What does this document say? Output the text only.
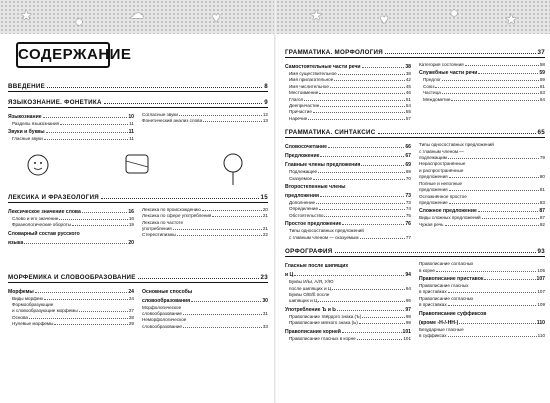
★	●	☁	♥	★	♥	●	★
СОДЕРЖАНИЕ
ВВЕДЕНИЕ	8
ЯЗЫКОЗНАНИЕ. ФОНЕТИКА	9
Языкознание	10
Разделы языкознания	11
Звуки и буквы	11
Гласные звуки	11
Согласные звуки	12
Фонетический анализ слова	13
ЛЕКСИКА И ФРАЗЕОЛОГИЯ	15
Лексическое значение слова	16
Слово и его значение	16
Фразеологические обороты	19
Словарный состав русского
языка	20
Лексика по происхождению	20
Лексика по сфере употребления	21
Лексика по частоте
употребления	21
Стереотипизмы	22
МОРФЕМИКА И СЛОВООБРАЗОВАНИЕ	23
Морфемы	24
Виды морфем	24
Формообразующие
и словообразующие морфемы	27
Основа	28
Нулевые морфемы	29
Основные способы
словообразования	30
Морфологическое
словообразование	31
Неморфологическое
словообразование	33
ГРАММАТИКА. МОРФОЛОГИЯ	37
Самостоятельные части речи	38
Имя существительное	38
Имя прилагательное	42
Имя числительное	45
Местоимение	46
Глагол	51
Деепричастие	54
Причастие	55
Наречие	57
Категория состояния	58
Служебные части речи	59
Предлог	59
Союз	61
Частица	63
Междометие	64
ГРАММАТИКА. СИНТАКСИС	65
Словосочетание	66
Предложение	67
Главные члены предложения	69
Подлежащее	69
Сказуемое	70
Второстепенные члены
предложения	73
Дополнение	73
Определение	74
Обстоятельство	75
Простое предложение	76
Типы односоставных предложений
с главным членом — сказуемым	77
Типы односоставных предложений
с главным членом —
подлежащим	79
Нераспространённые
и распространённые
предложения	80
Полные и неполные
предложения	81
Осложнённое простое
предложение	83
Сложное предложение	87
Виды сложных предложений	87
Чужая речь	92
ОРФОГРАФИЯ	93
Гласные после шипящих
и Ц	94
Буквы И/Ы, А/Я, У/Ю
после шипящих и Ц	94
Буквы О/Е/Ё после
шипящих и Ц	95
Употребление Ъ и Ь	97
Правописание твёрдого знака (Ъ)	98
Правописание мягкого знака (Ь)	99
Правописание корней	101
Правописание гласных в корне	101
Правописание согласных
в корне	105
Правописание приставок	107
Правописание гласных
в приставках	107
Правописание согласных
в приставках	109
Правописание суффиксов
(кроме -Н-/-НН-)	110
Безударные гласные
в суффиксах	110
